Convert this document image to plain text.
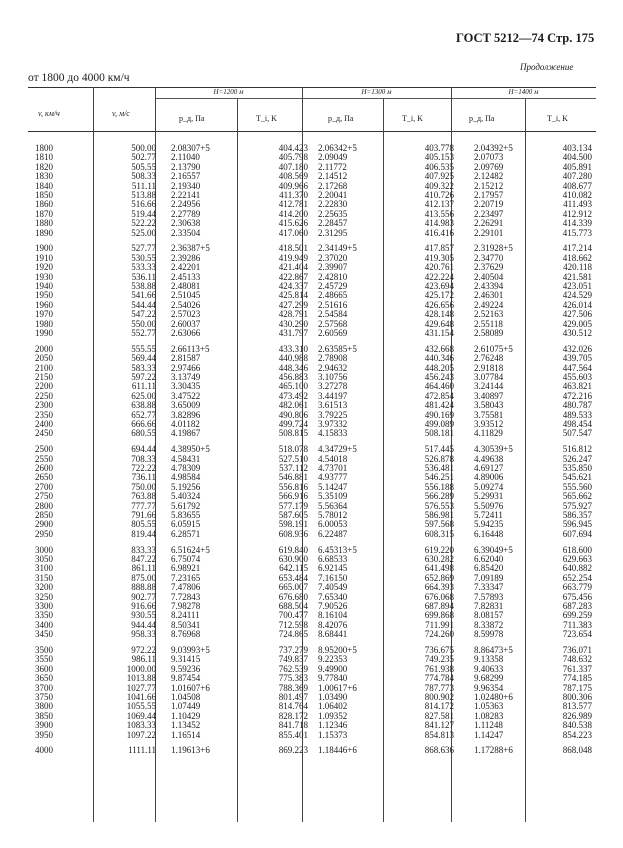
ГОСТ 5212—74 Стр. 175
Продолжение
от 1800 до 4000 км/ч
H=1200 м	H=1300 м	H=1400 м
v, км/ч	v, м/с
p_д, Па	T_i, K	p_д, Па	T_i, K	p_д, Па	T_i, K
1800	500.00 2.08307+5	404.423 2.06342+5	403.778 2.04392+5	403.134
1810	502.77 2.11040	405.798 2.09049	405.153 2.07073	404.500
1820	505.55 2.13790	407.180 2.11772	406.535 2.09769	405.891
1830	508.33 2.16557	408.569 2.14512	407.925 2.12482	407.280
1840	511.11 2.19340	409.966 2.17268	409.322 2.15212	408.677
1850	513.88 2.22141	411.370 2.20041	410.726 2.17957	410.082
1860	516.66 2.24956	412.781 2.22830	412.137 2.20719	411.493
1870	519.44 2.27789	414.200 2.25635	413.556 2.23497	412.912
1880	522.22 2.30638	415.626 2.28457	414.983 2.26291	414.339
1890	525.00 2.33504	417.060 2.31295	416.416 2.29101	415.773
1900	527.77 2.36387+5	418.501 2.34149+5	417.857 2.31928+5	417.214
1910	530.55 2.39286	419.949 2.37020	419.305 2.34770	418.662
1920	533.33 2.42201	421.404 2.39907	420.761 2.37629	420.118
1930	536.11 2.45133	422.867 2.42810	422.224 2.40504	421.581
1940	538.88 2.48081	424.337 2.45729	423.694 2.43394	423.051
1950	541.66 2.51045	425.814 2.48665	425.172 2.46301	424.529
1960	544.44 2.54026	427.299 2.51616	426.656 2.49224	426.014
1970	547.22 2.57023	428.791 2.54584	428.148 2.52163	427.506
1980	550.00 2.60037	430.290 2.57568	429.648 2.55118	429.005
1990	552.77 2.63066	431.797 2.60569	431.154 2.58089	430.512
2000	555.55 2.66113+5	433.310 2.63585+5	432.668 2.61075+5	432.026
2050	569.44 2.81587	440.988 2.78908	440.346 2.76248	439.705
2100	583.33 2.97466	448.346 2.94632	448.205 2.91818	447.564
2150	597.22 3.13749	456.883 3.10756	456.243 3.07784	455.603
2200	611.11 3.30435	465.100 3.27278	464.460 3.24144	463.821
2250	625.00 3.47522	473.492 3.44197	472.854 3.40897	472.216
2300	638.88 3.65009	482.061 3.61513	481.424 3.58043	480.787
2350	652.77 3.82896	490.806 3.79225	490.169 3.75581	489.533
2400	666.66 4.01182	499.724 3.97332	499.089 3.93512	498.454
2450	680.55 4.19867	508.815 4.15833	508.181 4.11829	507.547
2500	694.44 4.38950+5	518.078 4.34729+5	517.445 4.30539+5	516.812
2550	708.33 4.58431	527.510 4.54018	526.878 4.49638	526.247
2600	722.22 4.78309	537.112 4.73701	536.481 4.69127	535.850
2650	736.11 4.98584	546.881 4.93777	546.251 4.89006	545.621
2700	750.00 5.19256	556.816 5.14247	556.188 5.09274	555.560
2750	763.88 5.40324	566.916 5.35109	566.289 5.29931	565.662
2800	777.77 5.61792	577.179 5.56364	576.553 5.50976	575.927
2850	791.66 5.83655	587.605 5.78012	586.981 5.72411	586.357
2900	805.55 6.05915	598.191 6.00053	597.568 5.94235	596.945
2950	819.44 6.28571	608.936 6.22487	608.315 6.16448	607.694
3000	833.33 6.51624+5	619.840 6.45313+5	619.220 6.39049+5	618.600
3050	847.22 6.75074	630.900 6.68533	630.282 6.62040	629.663
3100	861.11 6.98921	642.115 6.92145	641.498 6.85420	640.882
3150	875.00 7.23165	653.484 7.16150	652.869 7.09189	652.254
3200	888.88 7.47806	665.007 7.40549	664.393 7.33347	663.779
3250	902.77 7.72843	676.680 7.65340	676.068 7.57893	675.456
3300	916.66 7.98278	688.504 7.90526	687.894 7.82831	687.283
3350	930.55 8.24111	700.477 8.16104	699.868 8.08157	699.259
3400	944.44 8.50341	712.598 8.42076	711.991 8.33872	711.383
3450	958.33 8.76968	724.865 8.68441	724.260 8.59978	723.654
3500	972.22 9.03993+5	737.279 8.95200+5	736.675 8.86473+5	736.071
3550	986.11 9.31415	749.837 9.22353	749.235 9.13358	748.632
3600	1000.00 9.59236	762.539 9.49900	761.938 9.40633	761.337
3650	1013.88 9.87454	775.383 9.77840	774.784 9.68299	774.185
3700	1027.77 1.01607+6	788.369 1.00617+6	787.773 9.96354	787.175
3750	1041.66 1.04508	801.497 1.03490	800.902 1.02480+6	800.306
3800	1055.55 1.07449	814.764 1.06402	814.172 1.05363	813.577
3850	1069.44 1.10429	828.172 1.09352	827.581 1.08283	826.989
3900	1083.33 1.13452	841.718 1.12346	841.127 1.11248	840.538
3950	1097.22 1.16514	855.401 1.15373	854.813 1.14247	854.223
4000	1111.11 1.19613+6	869.223 1.18446+6	868.636 1.17288+6	868.048
